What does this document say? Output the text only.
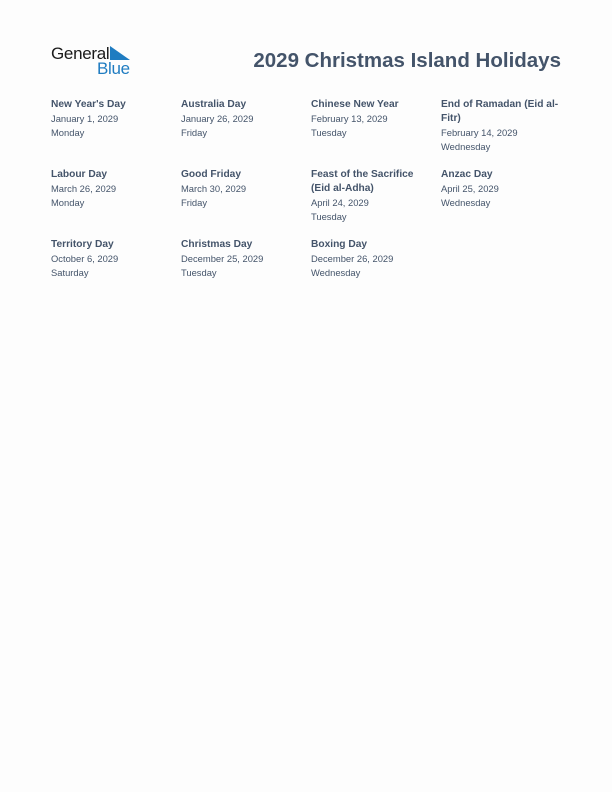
General
Blue	2029 Christmas Island Holidays
New Year's Day
January 1, 2029
Monday
Australia Day
January 26, 2029
Friday
Chinese New Year
February 13, 2029
Tuesday
End of Ramadan (Eid al-Fitr)
February 14, 2029
Wednesday
Labour Day
March 26, 2029
Monday
Good Friday
March 30, 2029
Friday
Feast of the Sacrifice (Eid al-Adha)
April 24, 2029
Tuesday
Anzac Day
April 25, 2029
Wednesday
Territory Day
October 6, 2029
Saturday
Christmas Day
December 25, 2029
Tuesday
Boxing Day
December 26, 2029
Wednesday
